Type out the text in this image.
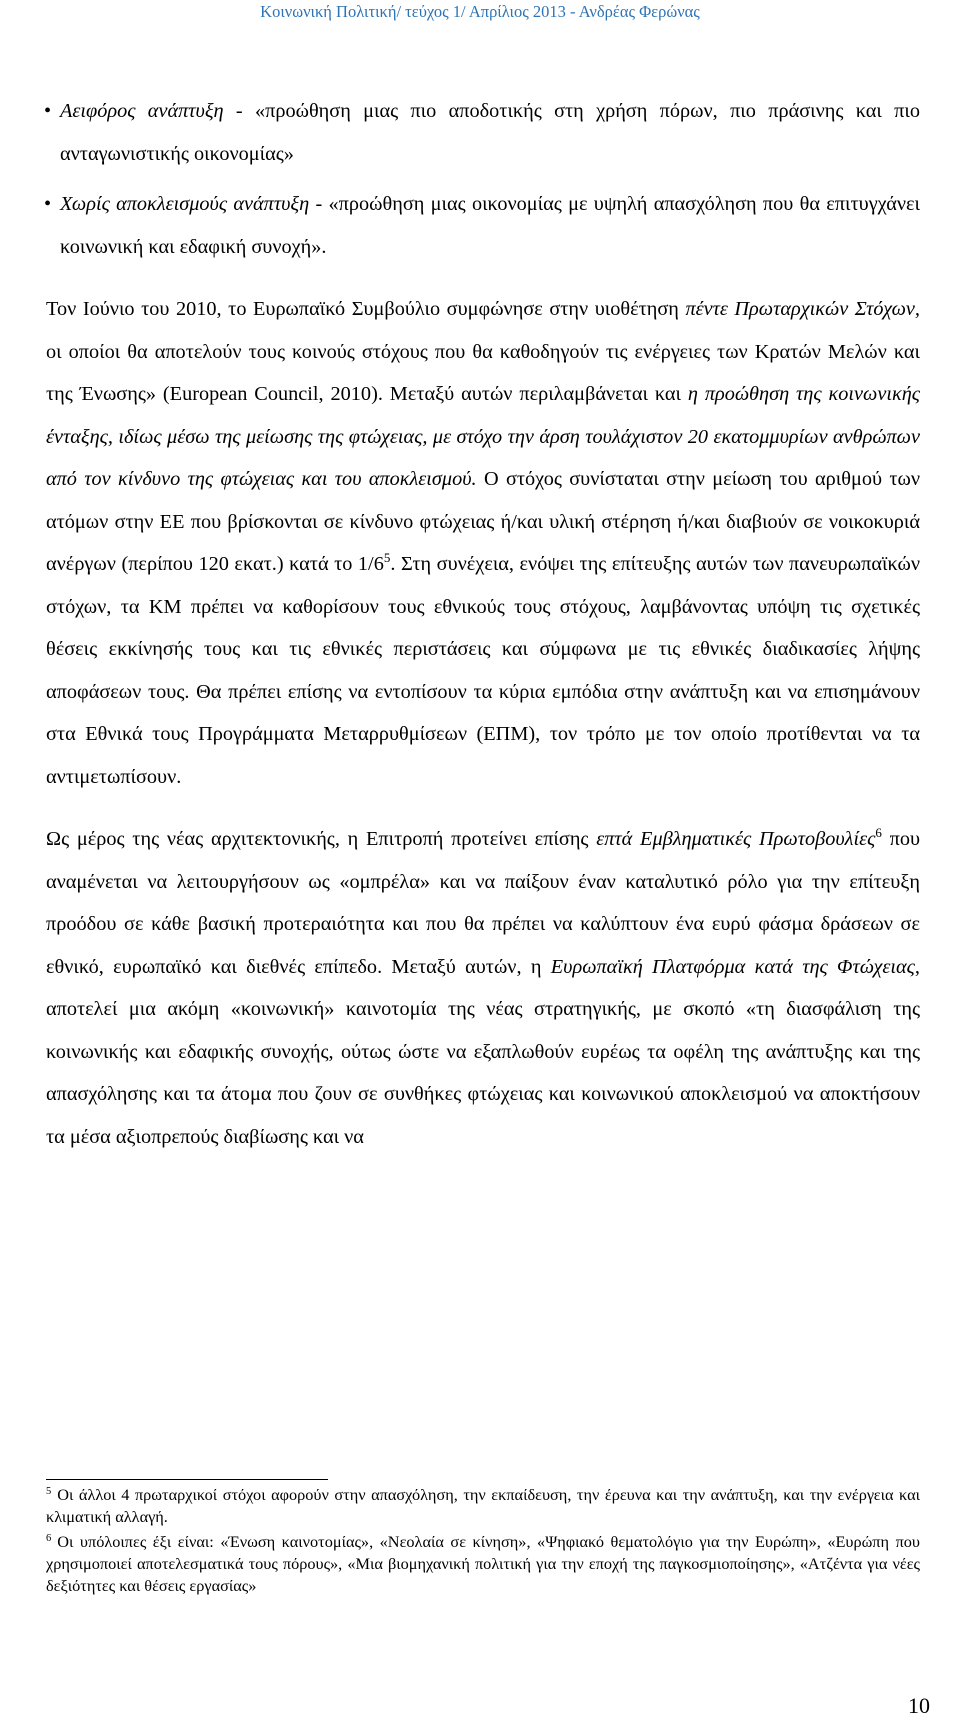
Κοινωνική Πολιτική/ τεύχος 1/ Απρίλιος 2013 - Ανδρέας Φερώνας

• Αειφόρος ανάπτυξη - «προώθηση μιας πιο αποδοτικής στη χρήση πόρων, πιο πράσινης και πιο ανταγωνιστικής οικονομίας»

• Χωρίς αποκλεισμούς ανάπτυξη - «προώθηση μιας οικονομίας με υψηλή απασχόληση που θα επιτυγχάνει κοινωνική και εδαφική συνοχή».

Τον Ιούνιο του 2010, το Ευρωπαϊκό Συμβούλιο συμφώνησε στην υιοθέτηση πέντε Πρωταρχικών Στόχων, οι οποίοι θα αποτελούν τους κοινούς στόχους που θα καθοδηγούν τις ενέργειες των Κρατών Μελών και της Ένωσης» (European Council, 2010). Μεταξύ αυτών περιλαμβάνεται και η προώθηση της κοινωνικής ένταξης, ιδίως μέσω της μείωσης της φτώχειας, με στόχο την άρση τουλάχιστον 20 εκατομμυρίων ανθρώπων από τον κίνδυνο της φτώχειας και του αποκλεισμού. Ο στόχος συνίσταται στην μείωση του αριθμού των ατόμων στην ΕΕ που βρίσκονται σε κίνδυνο φτώχειας ή/και υλική στέρηση ή/και διαβιούν σε νοικοκυριά ανέργων (περίπου 120 εκατ.) κατά το $1/6^5$. Στη συνέχεια, ενόψει της επίτευξης αυτών των πανευρωπαϊκών στόχων, τα ΚΜ πρέπει να καθορίσουν τους εθνικούς τους στόχους, λαμβάνοντας υπόψη τις σχετικές θέσεις εκκίνησής τους και τις εθνικές περιστάσεις και σύμφωνα με τις εθνικές διαδικασίες λήψης αποφάσεων τους. Θα πρέπει επίσης να εντοπίσουν τα κύρια εμπόδια στην ανάπτυξη και να επισημάνουν στα Εθνικά τους Προγράμματα Μεταρρυθμίσεων (ΕΠΜ), τον τρόπο με τον οποίο προτίθενται να τα αντιμετωπίσουν.

Ως μέρος της νέας αρχιτεκτονικής, η Επιτροπή προτείνει επίσης επτά Εμβληματικές Πρωτοβουλίες$^6$ που αναμένεται να λειτουργήσουν ως «ομπρέλα» και να παίξουν έναν καταλυτικό ρόλο για την επίτευξη προόδου σε κάθε βασική προτεραιότητα και που θα πρέπει να καλύπτουν ένα ευρύ φάσμα δράσεων σε εθνικό, ευρωπαϊκό και διεθνές επίπεδο. Μεταξύ αυτών, η Ευρωπαϊκή Πλατφόρμα κατά της Φτώχειας, αποτελεί μια ακόμη «κοινωνική» καινοτομία της νέας στρατηγικής, με σκοπό «τη διασφάλιση της κοινωνικής και εδαφικής συνοχής, ούτως ώστε να εξαπλωθούν ευρέως τα οφέλη της ανάπτυξης και της απασχόλησης και τα άτομα που ζουν σε συνθήκες φτώχειας και κοινωνικού αποκλεισμού να αποκτήσουν τα μέσα αξιοπρεπούς διαβίωσης και να

$^5$ Οι άλλοι 4 πρωταρχικοί στόχοι αφορούν στην απασχόληση, την εκπαίδευση, την έρευνα και την ανάπτυξη, και την ενέργεια και κλιματική αλλαγή.

$^6$ Οι υπόλοιπες έξι είναι: «Ένωση καινοτομίας», «Νεολαία σε κίνηση», «Ψηφιακό θεματολόγιο για την Ευρώπη», «Ευρώπη που χρησιμοποιεί αποτελεσματικά τους πόρους», «Μια βιομηχανική πολιτική για την εποχή της παγκοσμιοποίησης», «Ατζέντα για νέες δεξιότητες και θέσεις εργασίας»

10
